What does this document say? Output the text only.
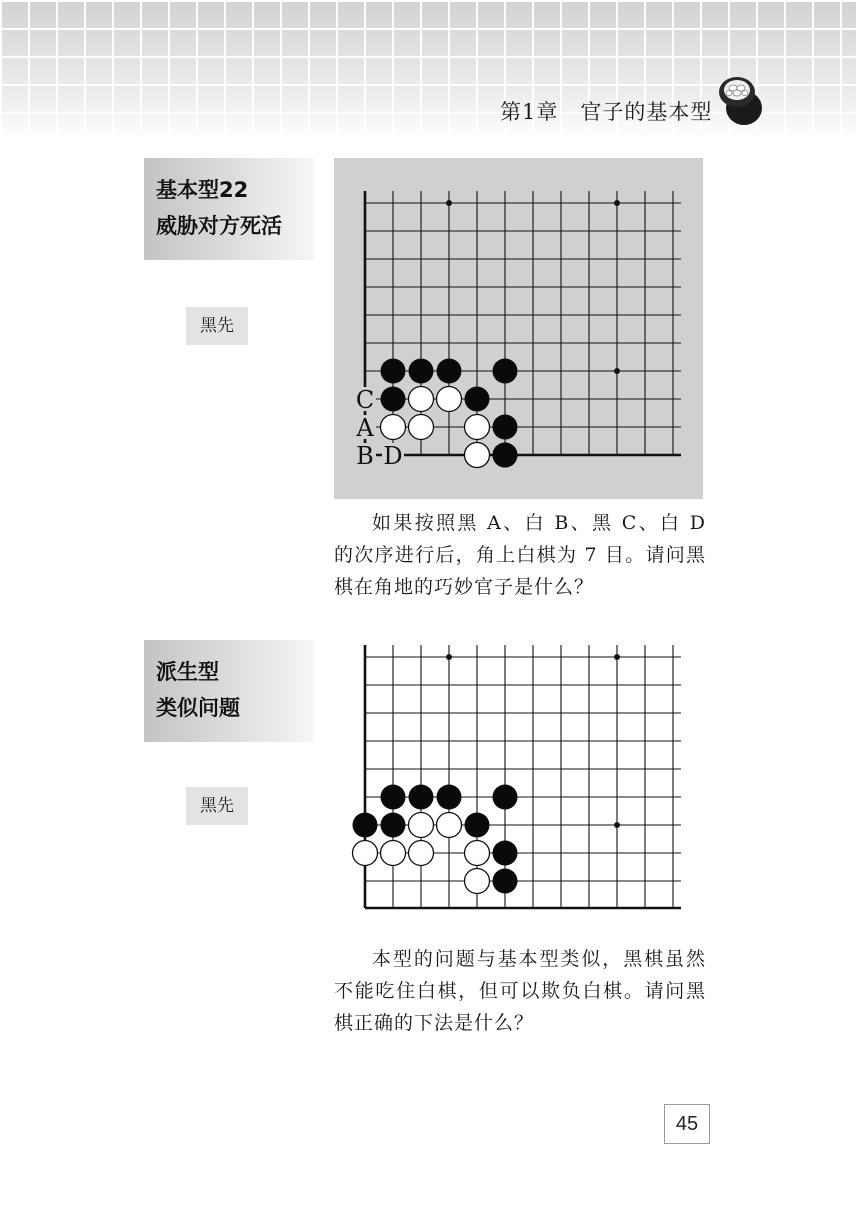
第1章　官子的基本型
基本型22
威胁对方死活
黑先
C
A
B D

如果按照黑 A、白 B、黑 C、白 D 的次序进行后，角上白棋为 7 目。请问黑棋在角地的巧妙官子是什么？

派生型
类似问题
黑先

本型的问题与基本型类似，黑棋虽然不能吃住白棋，但可以欺负白棋。请问黑棋正确的下法是什么？

45
